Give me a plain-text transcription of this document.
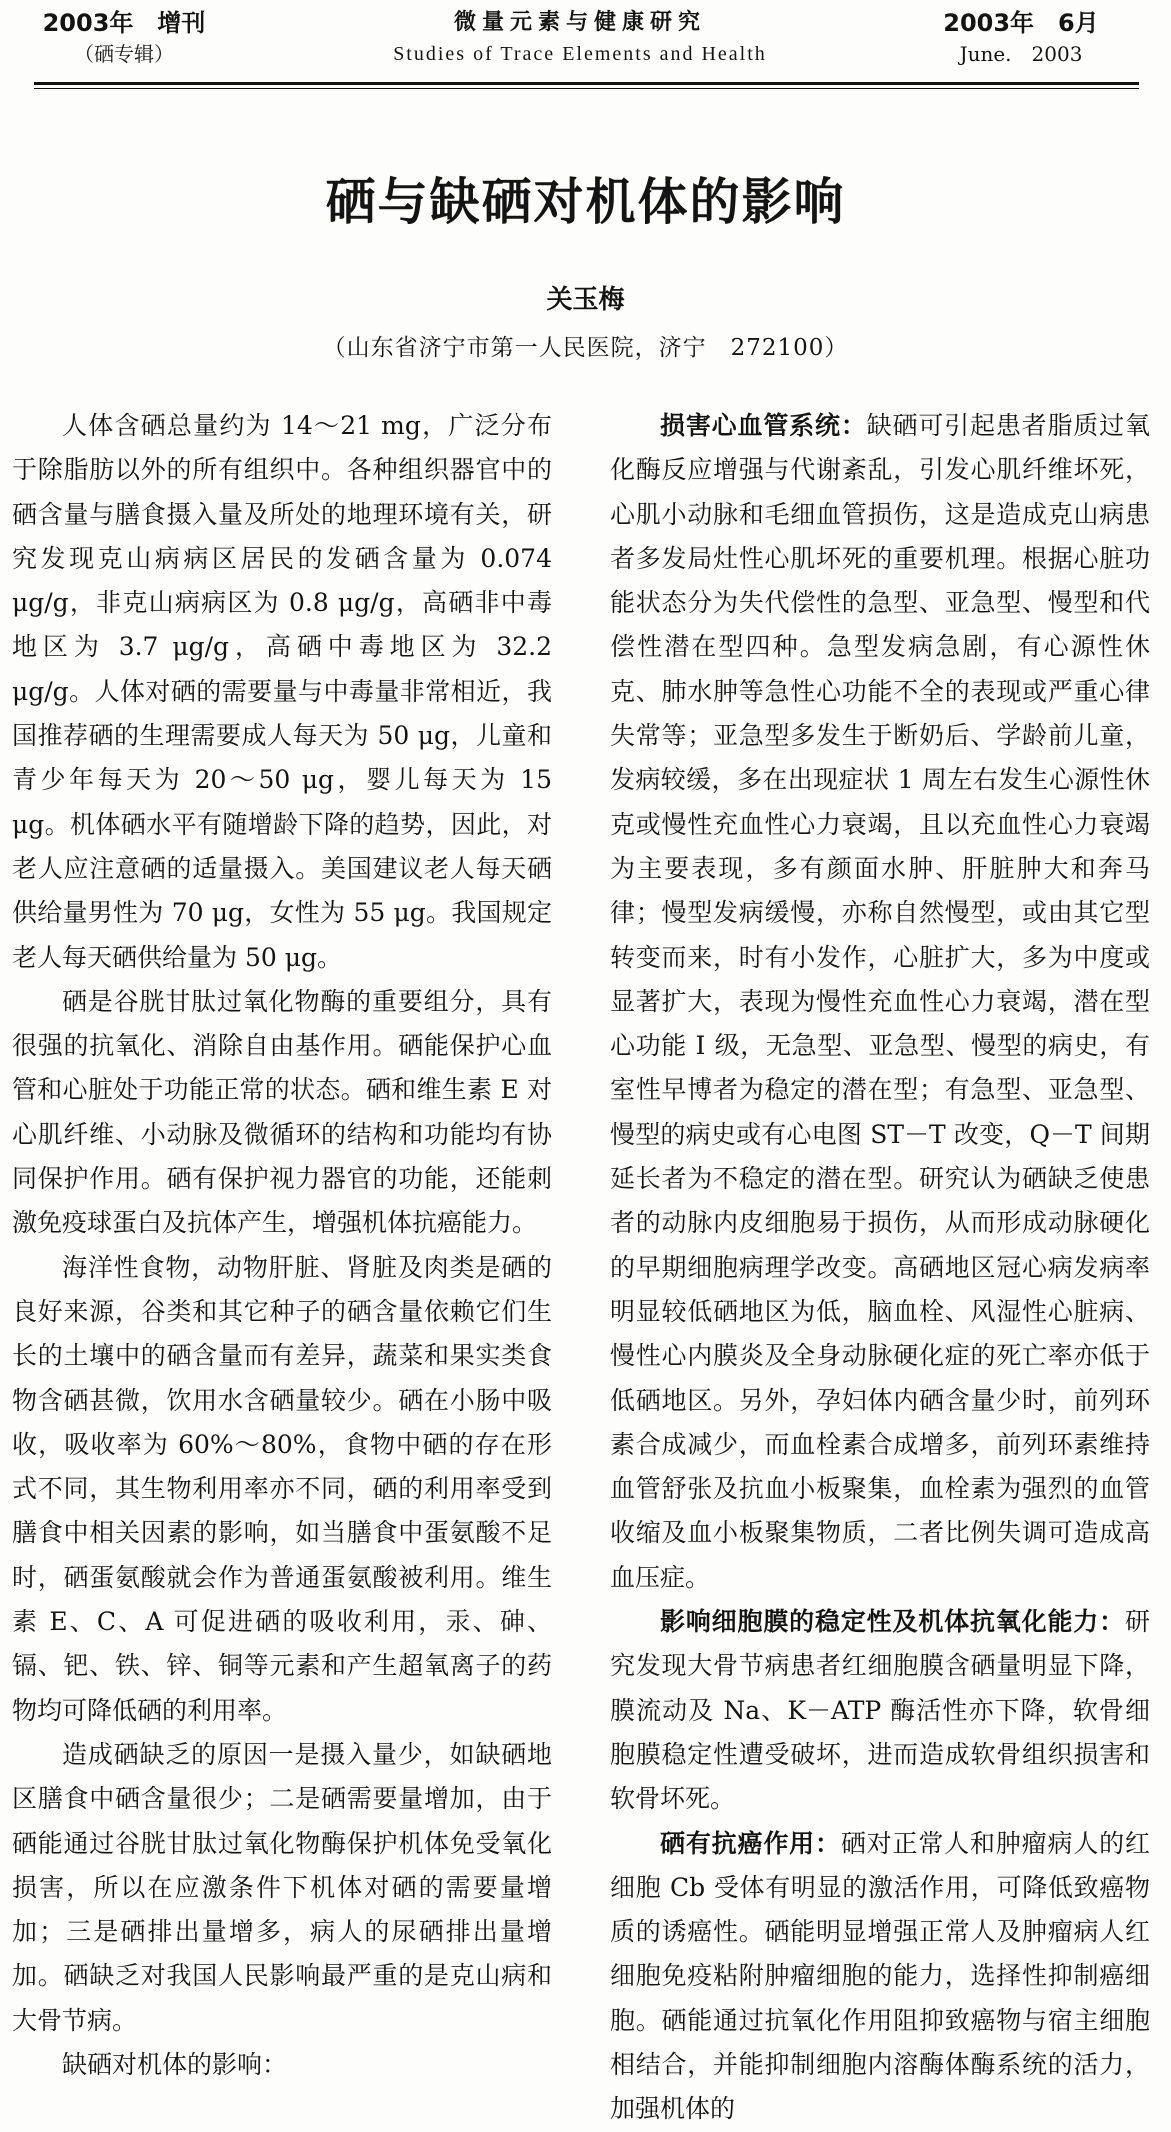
2003年　增刊
（硒专辑）
微量元素与健康研究
Studies of Trace Elements and Health
2003年　6月
June.　2003
硒与缺硒对机体的影响
关玉梅
（山东省济宁市第一人民医院，济宁　272100）

人体含硒总量约为 14～21 mg，广泛分布于除脂肪以外的所有组织中。各种组织器官中的硒含量与膳食摄入量及所处的地理环境有关，研究发现克山病病区居民的发硒含量为 0.074 μg/g，非克山病病区为 0.8 μg/g，高硒非中毒地区为 3.7 μg/g，高硒中毒地区为 32.2 μg/g。人体对硒的需要量与中毒量非常相近，我国推荐硒的生理需要成人每天为 50 μg，儿童和青少年每天为 20～50 μg，婴儿每天为 15 μg。机体硒水平有随增龄下降的趋势，因此，对老人应注意硒的适量摄入。美国建议老人每天硒供给量男性为 70 μg，女性为 55 μg。我国规定老人每天硒供给量为 50 μg。

硒是谷胱甘肽过氧化物酶的重要组分，具有很强的抗氧化、消除自由基作用。硒能保护心血管和心脏处于功能正常的状态。硒和维生素 E 对心肌纤维、小动脉及微循环的结构和功能均有协同保护作用。硒有保护视力器官的功能，还能刺激免疫球蛋白及抗体产生，增强机体抗癌能力。

海洋性食物，动物肝脏、肾脏及肉类是硒的良好来源，谷类和其它种子的硒含量依赖它们生长的土壤中的硒含量而有差异，蔬菜和果实类食物含硒甚微，饮用水含硒量较少。硒在小肠中吸收，吸收率为 60%～80%，食物中硒的存在形式不同，其生物利用率亦不同，硒的利用率受到膳食中相关因素的影响，如当膳食中蛋氨酸不足时，硒蛋氨酸就会作为普通蛋氨酸被利用。维生素 E、C、A 可促进硒的吸收利用，汞、砷、镉、钯、铁、锌、铜等元素和产生超氧离子的药物均可降低硒的利用率。

造成硒缺乏的原因一是摄入量少，如缺硒地区膳食中硒含量很少；二是硒需要量增加，由于硒能通过谷胱甘肽过氧化物酶保护机体免受氧化损害，所以在应激条件下机体对硒的需要量增加；三是硒排出量增多，病人的尿硒排出量增加。硒缺乏对我国人民影响最严重的是克山病和大骨节病。

缺硒对机体的影响：

损害心血管系统：缺硒可引起患者脂质过氧化酶反应增强与代谢紊乱，引发心肌纤维坏死，心肌小动脉和毛细血管损伤，这是造成克山病患者多发局灶性心肌坏死的重要机理。根据心脏功能状态分为失代偿性的急型、亚急型、慢型和代偿性潜在型四种。急型发病急剧，有心源性休克、肺水肿等急性心功能不全的表现或严重心律失常等；亚急型多发生于断奶后、学龄前儿童，发病较缓，多在出现症状 1 周左右发生心源性休克或慢性充血性心力衰竭，且以充血性心力衰竭为主要表现，多有颜面水肿、肝脏肿大和奔马律；慢型发病缓慢，亦称自然慢型，或由其它型转变而来，时有小发作，心脏扩大，多为中度或显著扩大，表现为慢性充血性心力衰竭，潜在型心功能 Ⅰ 级，无急型、亚急型、慢型的病史，有室性早博者为稳定的潜在型；有急型、亚急型、慢型的病史或有心电图 ST－T 改变，Q－T 间期延长者为不稳定的潜在型。研究认为硒缺乏使患者的动脉内皮细胞易于损伤，从而形成动脉硬化的早期细胞病理学改变。高硒地区冠心病发病率明显较低硒地区为低，脑血栓、风湿性心脏病、慢性心内膜炎及全身动脉硬化症的死亡率亦低于低硒地区。另外，孕妇体内硒含量少时，前列环素合成减少，而血栓素合成增多，前列环素维持血管舒张及抗血小板聚集，血栓素为强烈的血管收缩及血小板聚集物质，二者比例失调可造成高血压症。

影响细胞膜的稳定性及机体抗氧化能力：研究发现大骨节病患者红细胞膜含硒量明显下降，膜流动及 Na、K－ATP 酶活性亦下降，软骨细胞膜稳定性遭受破坏，进而造成软骨组织损害和软骨坏死。

硒有抗癌作用：硒对正常人和肿瘤病人的红细胞 Cb 受体有明显的激活作用，可降低致癌物质的诱癌性。硒能明显增强正常人及肿瘤病人红细胞免疫粘附肿瘤细胞的能力，选择性抑制癌细胞。硒能通过抗氧化作用阻抑致癌物与宿主细胞相结合，并能抑制细胞内溶酶体酶系统的活力，加强机体的
